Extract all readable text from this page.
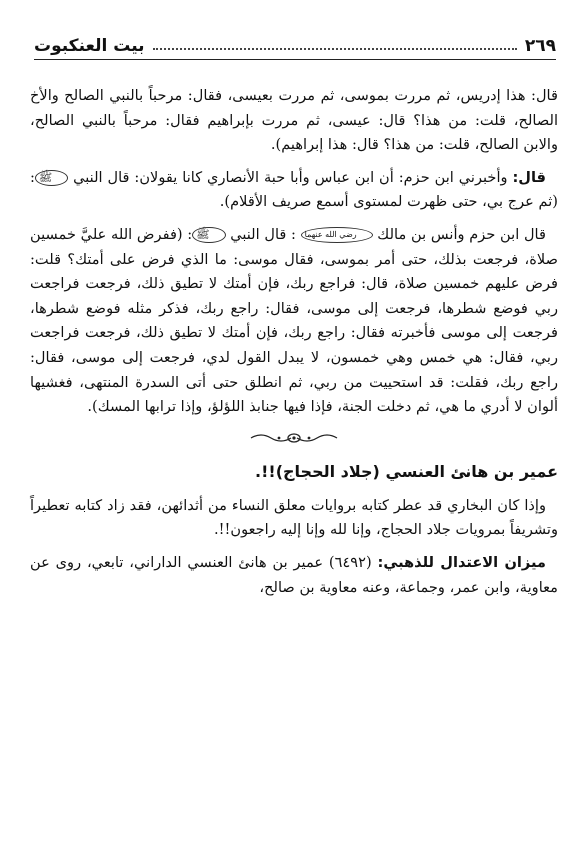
٢٦٩
بيت العنكبوت

قال: هذا إدريس، ثم مررت بموسى، ثم مررت بعيسى، فقال: مرحباً بالنبي الصالح والأخ الصالح، قلت: من هذا؟ قال: عيسى، ثم مررت بإبراهيم فقال: مرحباً بالنبي الصالح، والابن الصالح، قلت: من هذا؟ قال: هذا إبراهيم).

قال: وأخبرني ابن حزم: أن ابن عباس وأبا حبة الأنصاري كانا يقولان: قال النبي ﷺ: (ثم عرج بي، حتى ظهرت لمستوى أسمع صريف الأقلام).

قال ابن حزم وأنس بن مالك رضي الله عنهما : قال النبي ﷺ: (ففرض الله عليَّ خمسين صلاة، فرجعت بذلك، حتى أمر بموسى، فقال موسى: ما الذي فرض على أمتك؟ قلت: فرض عليهم خمسين صلاة، قال: فراجع ربك، فإن أمتك لا تطيق ذلك، فرجعت فراجعت ربي فوضع شطرها، فرجعت إلى موسى، فقال: راجع ربك، فذكر مثله فوضع شطرها، فرجعت إلى موسى فأخبرته فقال: راجع ربك، فإن أمتك لا تطيق ذلك، فرجعت فراجعت ربي، فقال: هي خمس وهي خمسون، لا يبدل القول لدي، فرجعت إلى موسى، فقال: راجع ربك، فقلت: قد استحييت من ربي، ثم انطلق حتى أتى السدرة المنتهى، فغشيها ألوان لا أدري ما هي، ثم دخلت الجنة، فإذا فيها جنابذ اللؤلؤ، وإذا ترابها المسك).

عمير بن هانئ العنسي (جلاد الحجاج)!!.

وإذا كان البخاري قد عطر كتابه بروايات معلق النساء من أثدائهن، فقد زاد كتابه تعطيراً وتشريفاً بمرويات جلاد الحجاج، وإنا لله وإنا إليه راجعون!!.

ميزان الاعتدال للذهبي: (٦٤٩٢) عمير بن هانئ العنسي الداراني، تابعي، روى عن معاوية، وابن عمر، وجماعة، وعنه معاوية بن صالح،
